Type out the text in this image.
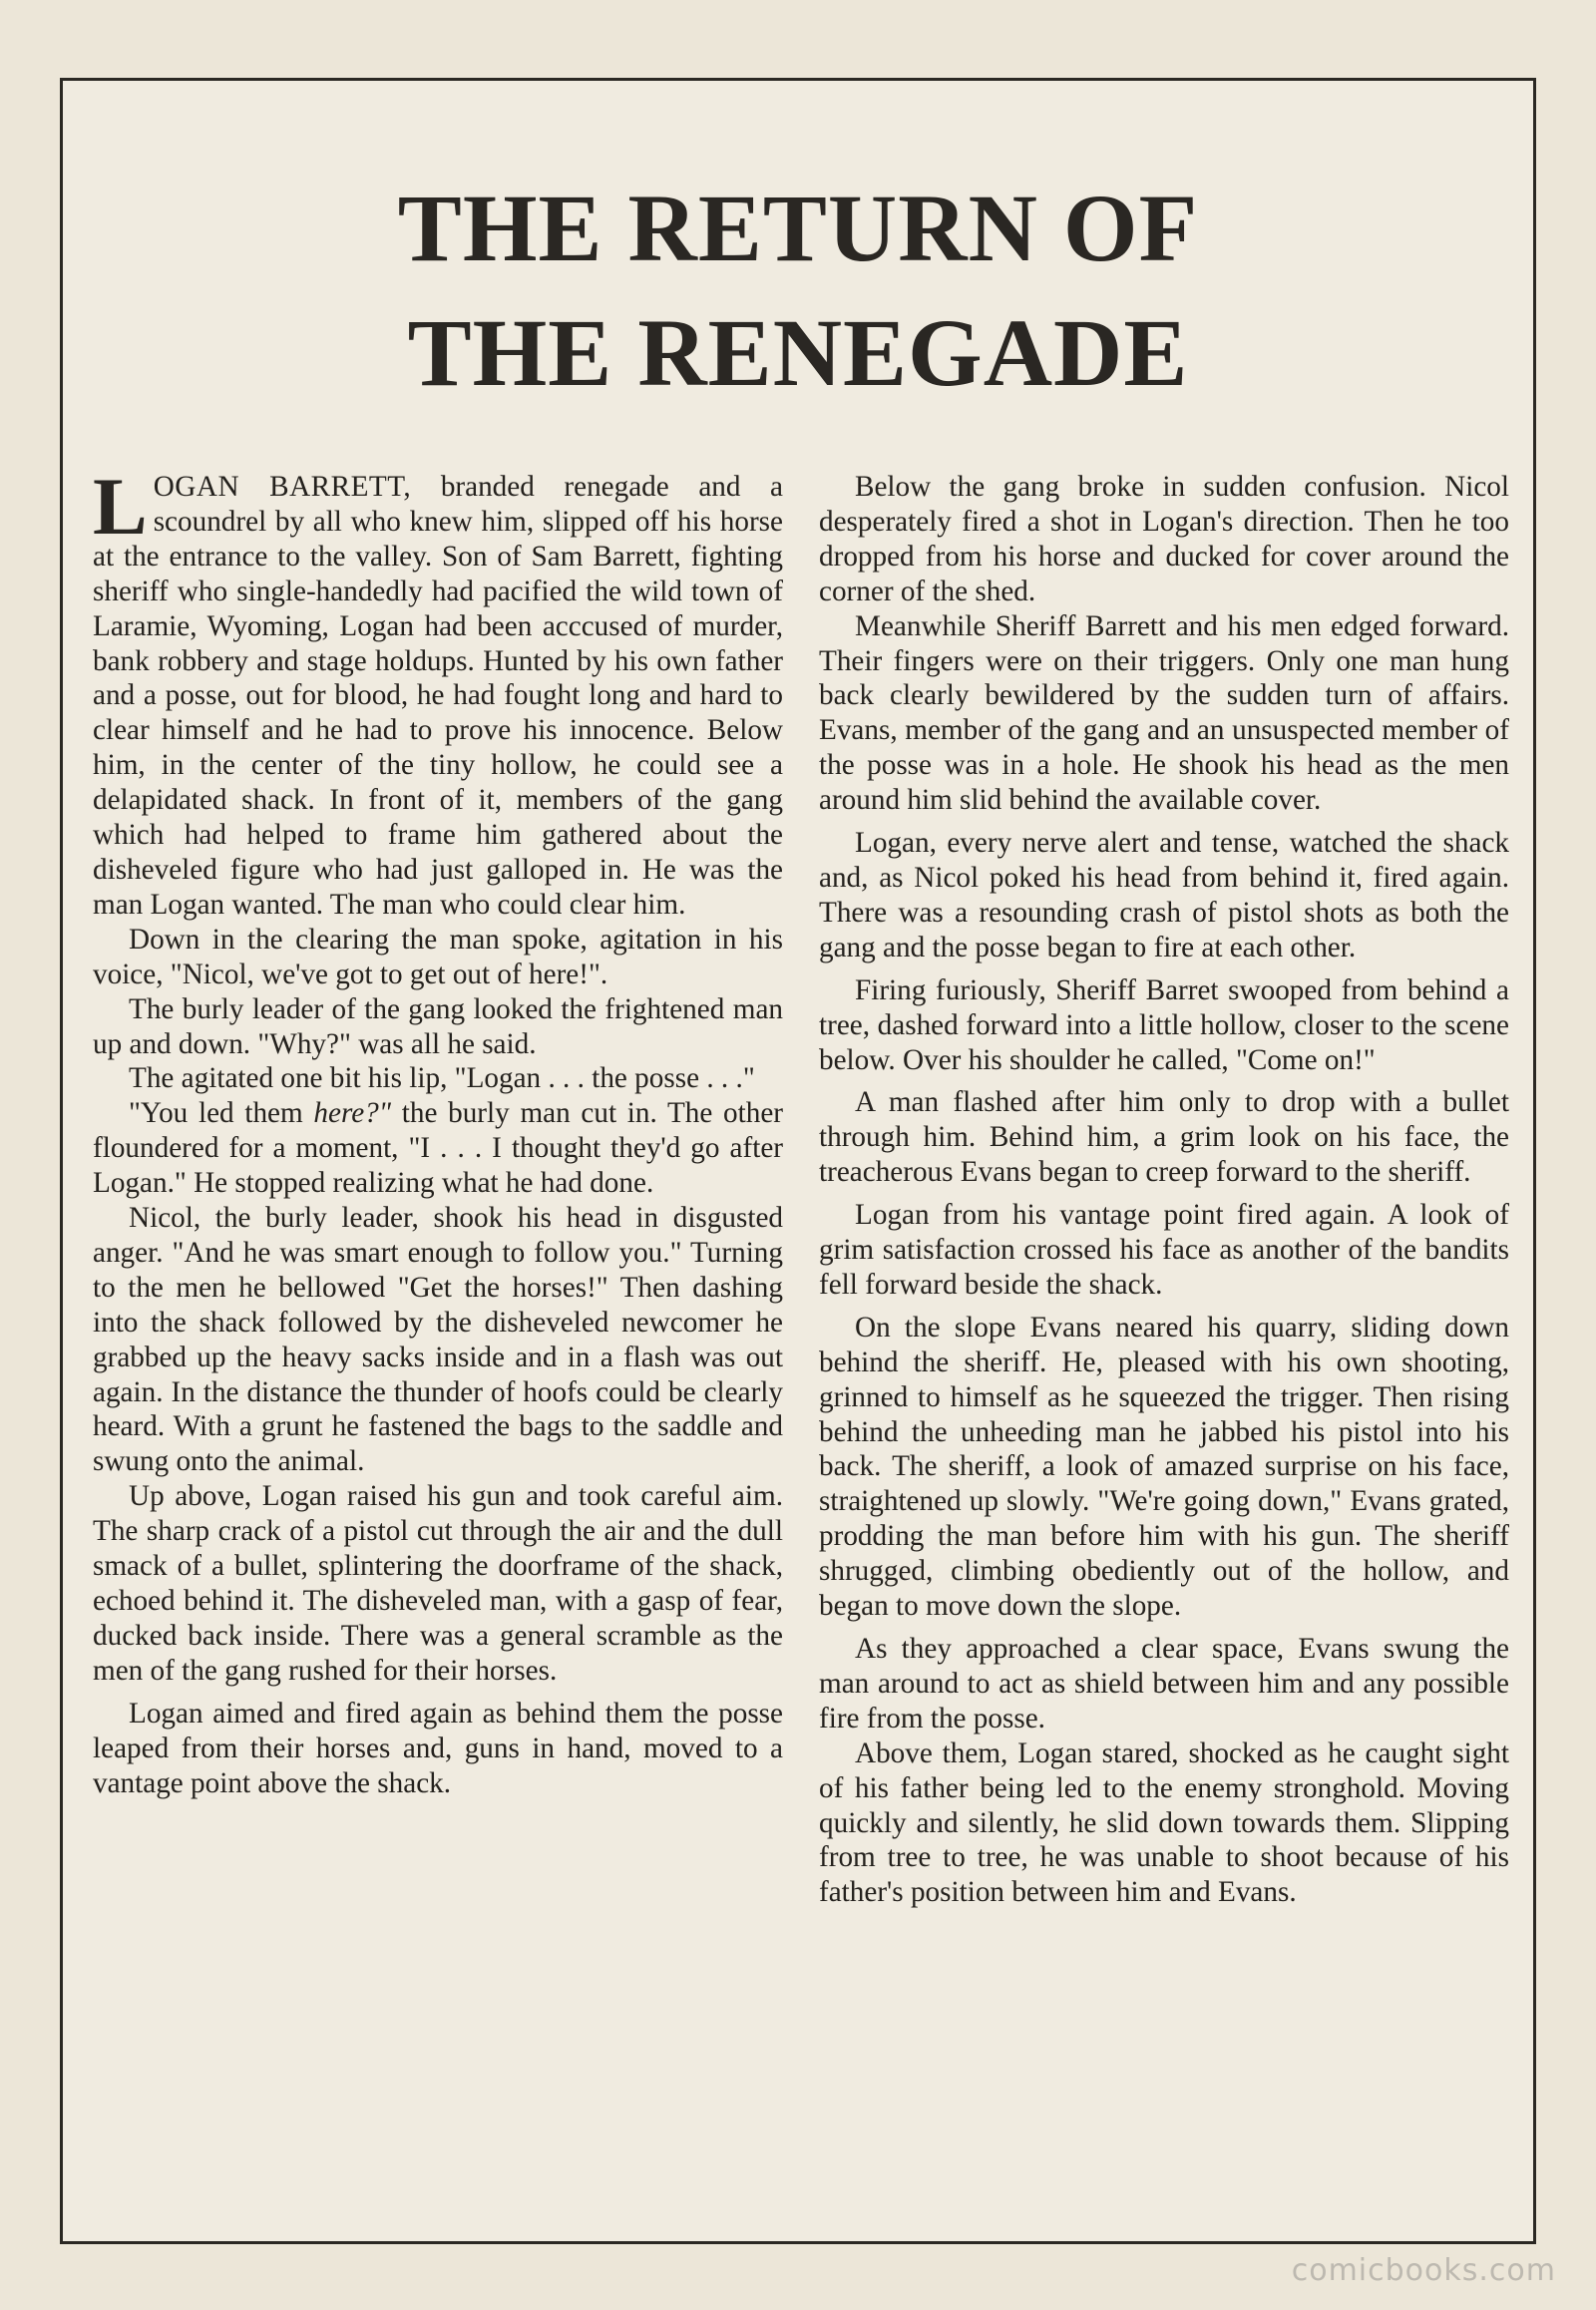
THE RETURN OF
THE RENEGADE

LOGAN BARRETT, branded renegade and a scoundrel by all who knew him, slipped off his horse at the entrance to the valley. Son of Sam Barrett, fighting sheriff who single-handedly had pacified the wild town of Laramie, Wyoming, Logan had been acccused of murder, bank robbery and stage holdups. Hunted by his own father and a posse, out for blood, he had fought long and hard to clear himself and he had to prove his innocence. Below him, in the center of the tiny hollow, he could see a delapidated shack. In front of it, members of the gang which had helped to frame him gathered about the disheveled figure who had just galloped in. He was the man Logan wanted. The man who could clear him.

Down in the clearing the man spoke, agitation in his voice, "Nicol, we've got to get out of here!".

The burly leader of the gang looked the frightened man up and down. "Why?" was all he said.

The agitated one bit his lip, "Logan . . . the posse . . ."

"You led them here?" the burly man cut in. The other floundered for a moment, "I . . . I thought they'd go after Logan." He stopped realizing what he had done.

Nicol, the burly leader, shook his head in disgusted anger. "And he was smart enough to follow you." Turning to the men he bellowed "Get the horses!" Then dashing into the shack followed by the disheveled newcomer he grabbed up the heavy sacks inside and in a flash was out again. In the distance the thunder of hoofs could be clearly heard. With a grunt he fastened the bags to the saddle and swung onto the animal.

Up above, Logan raised his gun and took careful aim. The sharp crack of a pistol cut through the air and the dull smack of a bullet, splintering the doorframe of the shack, echoed behind it. The disheveled man, with a gasp of fear, ducked back inside. There was a general scramble as the men of the gang rushed for their horses.

Logan aimed and fired again as behind them the posse leaped from their horses and, guns in hand, moved to a vantage point above the shack.

Below the gang broke in sudden confusion. Nicol desperately fired a shot in Logan's direction. Then he too dropped from his horse and ducked for cover around the corner of the shed.

Meanwhile Sheriff Barrett and his men edged forward. Their fingers were on their triggers. Only one man hung back clearly bewildered by the sudden turn of affairs. Evans, member of the gang and an unsuspected member of the posse was in a hole. He shook his head as the men around him slid behind the available cover.

Logan, every nerve alert and tense, watched the shack and, as Nicol poked his head from behind it, fired again. There was a resounding crash of pistol shots as both the gang and the posse began to fire at each other.

Firing furiously, Sheriff Barret swooped from behind a tree, dashed forward into a little hollow, closer to the scene below. Over his shoulder he called, "Come on!"

A man flashed after him only to drop with a bullet through him. Behind him, a grim look on his face, the treacherous Evans began to creep forward to the sheriff.

Logan from his vantage point fired again. A look of grim satisfaction crossed his face as another of the bandits fell forward beside the shack.

On the slope Evans neared his quarry, sliding down behind the sheriff. He, pleased with his own shooting, grinned to himself as he squeezed the trigger. Then rising behind the unheeding man he jabbed his pistol into his back. The sheriff, a look of amazed surprise on his face, straightened up slowly. "We're going down," Evans grated, prodding the man before him with his gun. The sheriff shrugged, climbing obediently out of the hollow, and began to move down the slope.

As they approached a clear space, Evans swung the man around to act as shield between him and any possible fire from the posse.

Above them, Logan stared, shocked as he caught sight of his father being led to the enemy stronghold. Moving quickly and silently, he slid down towards them. Slipping from tree to tree, he was unable to shoot because of his father's position between him and Evans.

comicbooks.com
